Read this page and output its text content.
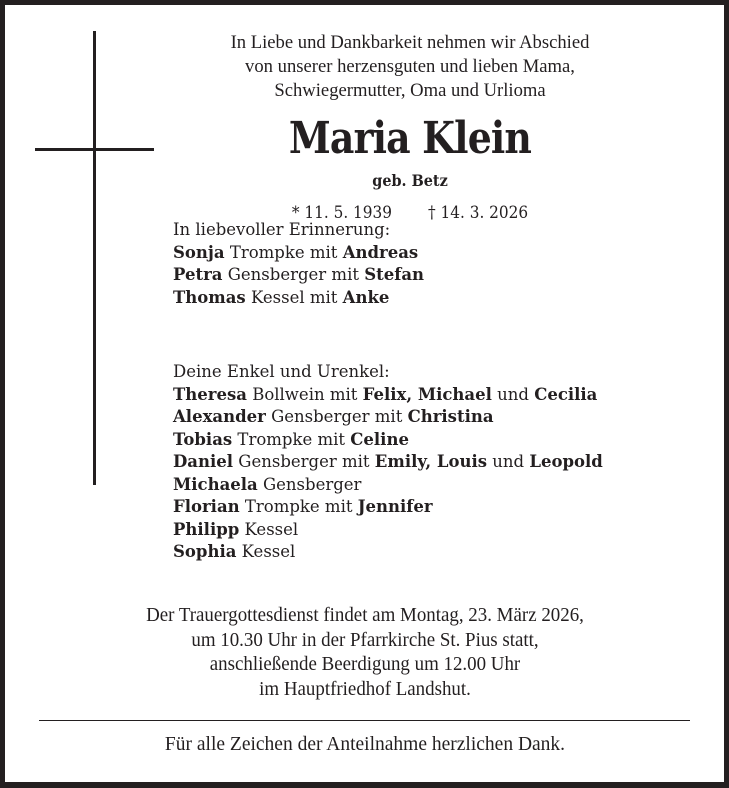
In Liebe und Dankbarkeit nehmen wir Abschied
von unserer herzensguten und lieben Mama,
Schwiegermutter, Oma und Urlioma
Maria Klein
geb. Betz
* 11. 5. 1939 † 14. 3. 2026
In liebevoller Erinnerung:
Sonja Trompke mit Andreas
Petra Gensberger mit Stefan
Thomas Kessel mit Anke
Deine Enkel und Urenkel:
Theresa Bollwein mit Felix, Michael und Cecilia
Alexander Gensberger mit Christina
Tobias Trompke mit Celine
Daniel Gensberger mit Emily, Louis und Leopold
Michaela Gensberger
Florian Trompke mit Jennifer
Philipp Kessel
Sophia Kessel
Der Trauergottesdienst findet am Montag, 23. März 2026,
um 10.30 Uhr in der Pfarrkirche St. Pius statt,
anschließende Beerdigung um 12.00 Uhr
im Hauptfriedhof Landshut.
Für alle Zeichen der Anteilnahme herzlichen Dank.
